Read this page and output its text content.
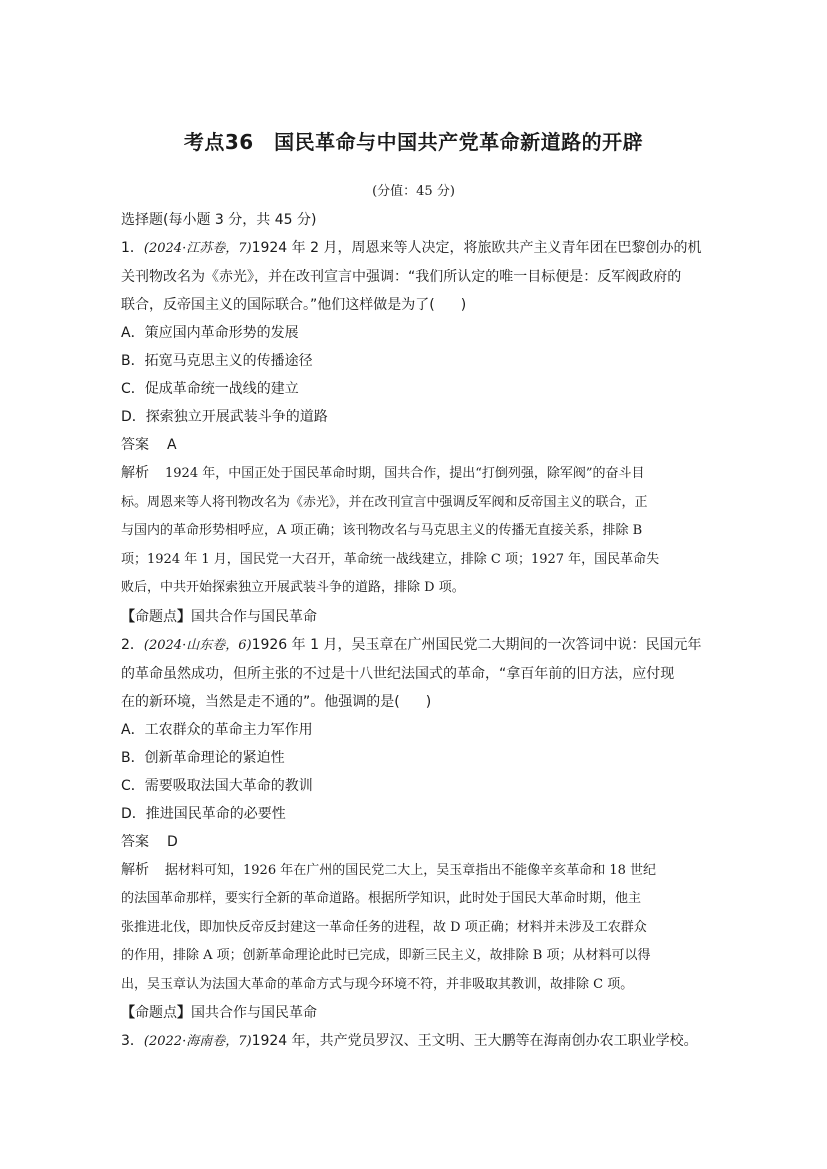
考点36　国民革命与中国共产党革命新道路的开辟
(分值：45 分)
选择题(每小题 3 分，共 45 分)
1．(2024·江苏卷，7)1924 年 2 月，周恩来等人决定，将旅欧共产主义青年团在巴黎创办的机
关刊物改名为《赤光》，并在改刊宣言中强调：“我们所认定的唯一目标便是：反军阀政府的
联合，反帝国主义的国际联合。”他们这样做是为了( )
A．策应国内革命形势的发展
B．拓宽马克思主义的传播途径
C．促成革命统一战线的建立
D．探索独立开展武装斗争的道路
答案 A
解析 1924 年，中国正处于国民革命时期，国共合作，提出“打倒列强，除军阀”的奋斗目
标。周恩来等人将刊物改名为《赤光》，并在改刊宣言中强调反军阀和反帝国主义的联合，正
与国内的革命形势相呼应，A 项正确；该刊物改名与马克思主义的传播无直接关系，排除 B
项；1924 年 1 月，国民党一大召开，革命统一战线建立，排除 C 项；1927 年，国民革命失
败后，中共开始探索独立开展武装斗争的道路，排除 D 项。
【命题点】国共合作与国民革命
2．(2024·山东卷，6)1926 年 1 月，吴玉章在广州国民党二大期间的一次答词中说：民国元年
的革命虽然成功，但所主张的不过是十八世纪法国式的革命，“拿百年前的旧方法，应付现
在的新环境，当然是走不通的”。他强调的是( )
A．工农群众的革命主力军作用
B．创新革命理论的紧迫性
C．需要吸取法国大革命的教训
D．推进国民革命的必要性
答案 D
解析 据材料可知，1926 年在广州的国民党二大上，吴玉章指出不能像辛亥革命和 18 世纪
的法国革命那样，要实行全新的革命道路。根据所学知识，此时处于国民大革命时期，他主
张推进北伐，即加快反帝反封建这一革命任务的进程，故 D 项正确；材料并未涉及工农群众
的作用，排除 A 项；创新革命理论此时已完成，即新三民主义，故排除 B 项；从材料可以得
出，吴玉章认为法国大革命的革命方式与现今环境不符，并非吸取其教训，故排除 C 项。
【命题点】国共合作与国民革命
3．(2022·海南卷，7)1924 年，共产党员罗汉、王文明、王大鹏等在海南创办农工职业学校。
